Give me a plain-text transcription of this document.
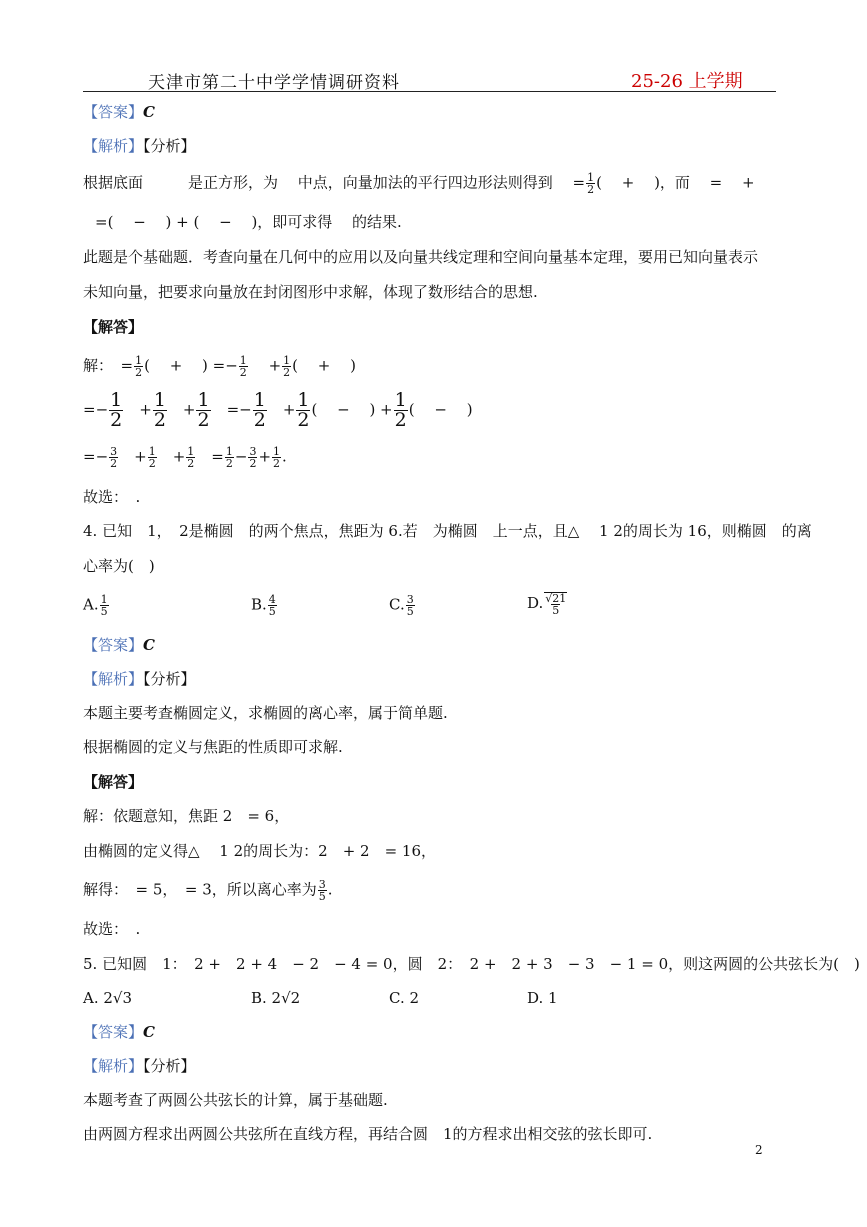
天津市第二十中学学情调研资料	25-26 上学期
【答案】C
【解析】【分析】
根据底面　　　是正方形，为　 中点，向量加法的平行四边形法则得到　 = $\frac{1}{2}$ (　 +　 )，而　 =　 +
=(　 −　 ) + (　 −　 )，即可求得　 的结果.
此题是个基础题．考查向量在几何中的应用以及向量共线定理和空间向量基本定理，要用已知向量表示
未知向量，把要求向量放在封闭图形中求解，体现了数形结合的思想.
【解答】
解：　= $\frac{1}{2}$ (　 +　 ) =− $\frac{1}{2}$ 　 + $\frac{1}{2}$ (　 +　 )
=− $\frac{1}{2}$ 　+ $\frac{1}{2}$ 　+ $\frac{1}{2}$ 　=− $\frac{1}{2}$ 　+ $\frac{1}{2}$ (　 −　 ) + $\frac{1}{2}$ (　 −　 )
=− $\frac{3}{2}$ 　+ $\frac{1}{2}$ 　+ $\frac{1}{2}$ 　= $\frac{1}{2} - \frac{3}{2} + \frac{1}{2}$ .
故选：　.
4. 已知　1，　2是椭圆　的两个焦点，焦距为 6.若　为椭圆　上一点，且△　 1 2的周长为 16，则椭圆　的离
心率为(　)
A. $\frac{1}{5}$	B. $\frac{4}{5}$	C. $\frac{3}{5}$	D. $\frac{√21}{5}$
【答案】C
【解析】【分析】
本题主要考查椭圆定义，求椭圆的离心率，属于简单题.
根据椭圆的定义与焦距的性质即可求解.
【解答】
解：依题意知，焦距 2　= 6，
由椭圆的定义得△　 1 2的周长为：2　+ 2　= 16，
解得：　= 5，　= 3，所以离心率为 $\frac{3}{5}$ .
故选：　.
5. 已知圆　1：　2 +　2 + 4　− 2　− 4 = 0，圆　2：　2 +　2 + 3　− 3　− 1 = 0，则这两圆的公共弦长为(　)
A. 2√3	B. 2√2	C. 2	D. 1
【答案】C
【解析】【分析】
本题考查了两圆公共弦长的计算，属于基础题.
由两圆方程求出两圆公共弦所在直线方程，再结合圆　1的方程求出相交弦的弦长即可.
2
